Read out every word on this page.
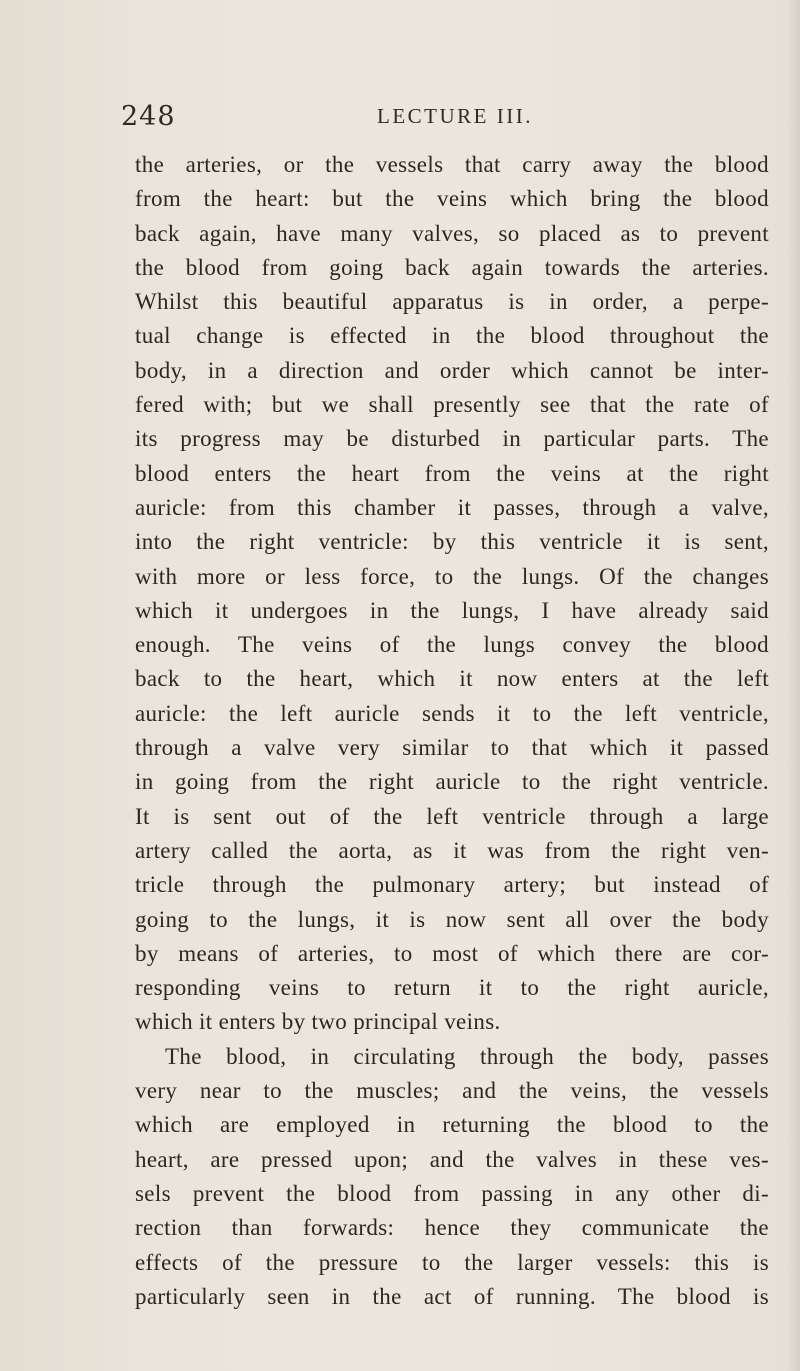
248	LECTURE III.
the arteries, or the vessels that carry away the blood
from the heart: but the veins which bring the blood
back again, have many valves, so placed as to prevent
the blood from going back again towards the arteries.
Whilst this beautiful apparatus is in order, a perpe-
tual change is effected in the blood throughout the
body, in a direction and order which cannot be inter-
fered with; but we shall presently see that the rate of
its progress may be disturbed in particular parts. The
blood enters the heart from the veins at the right
auricle: from this chamber it passes, through a valve,
into the right ventricle: by this ventricle it is sent,
with more or less force, to the lungs. Of the changes
which it undergoes in the lungs, I have already said
enough. The veins of the lungs convey the blood
back to the heart, which it now enters at the left
auricle: the left auricle sends it to the left ventricle,
through a valve very similar to that which it passed
in going from the right auricle to the right ventricle.
It is sent out of the left ventricle through a large
artery called the aorta, as it was from the right ven-
tricle through the pulmonary artery; but instead of
going to the lungs, it is now sent all over the body
by means of arteries, to most of which there are cor-
responding veins to return it to the right auricle,
which it enters by two principal veins.
The blood, in circulating through the body, passes
very near to the muscles; and the veins, the vessels
which are employed in returning the blood to the
heart, are pressed upon; and the valves in these ves-
sels prevent the blood from passing in any other di-
rection than forwards: hence they communicate the
effects of the pressure to the larger vessels: this is
particularly seen in the act of running. The blood is
